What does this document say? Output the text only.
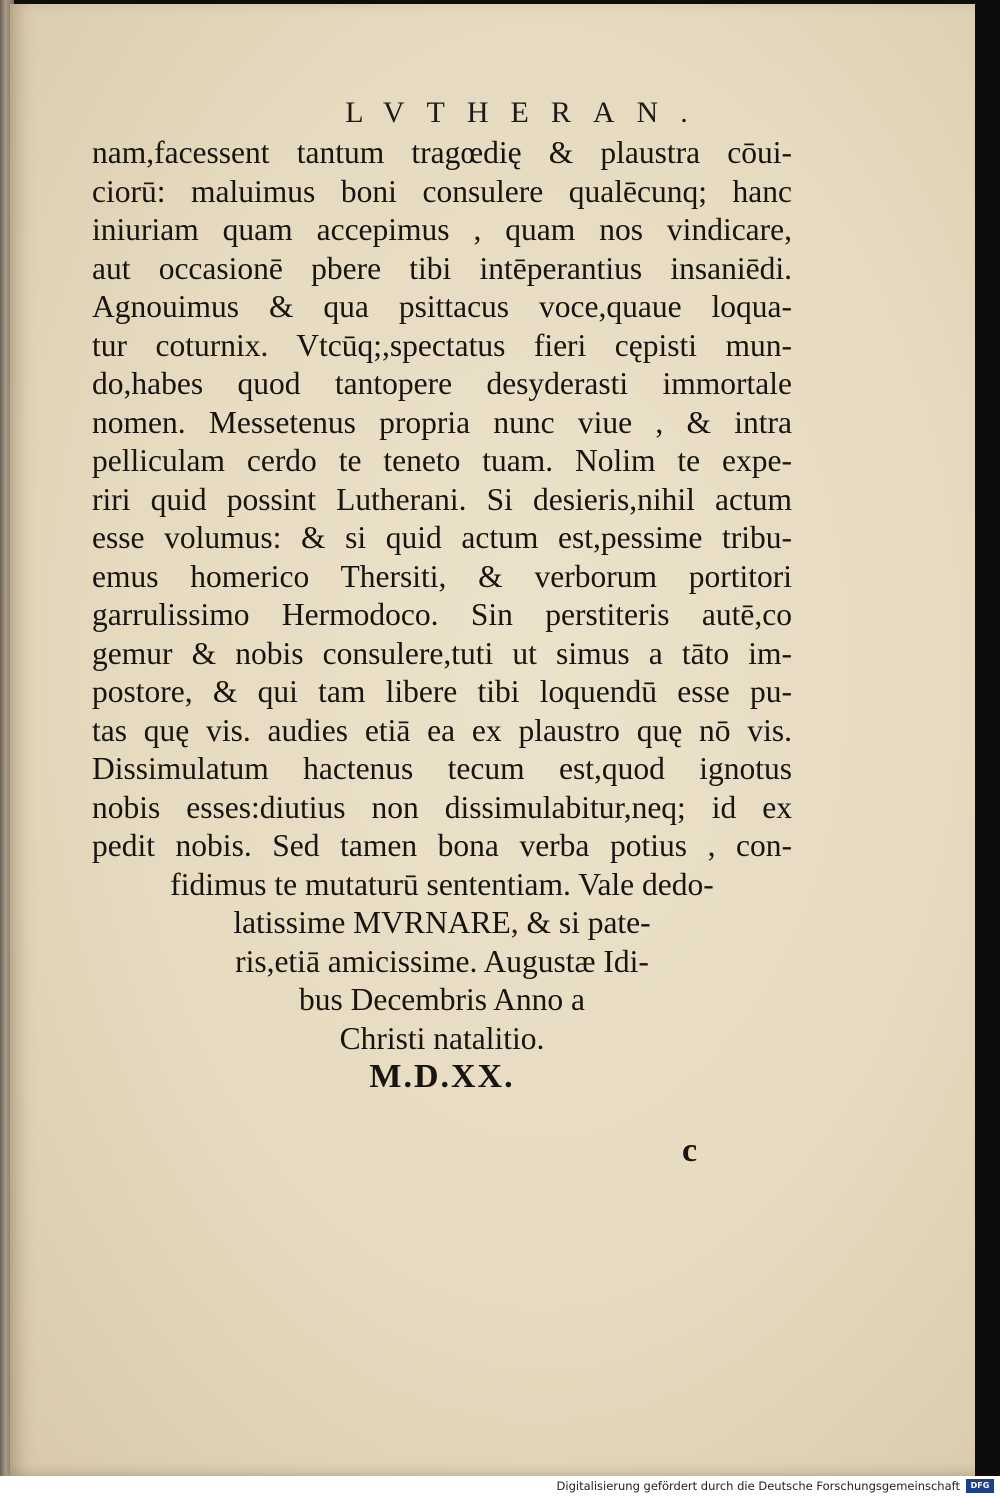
LVTHERAN.
nam,facessent tantum tragœdię & plaustra cōui-
ciorū: maluimus boni consulere qualēcunq; hanc
iniuriam quam accepimus , quam nos vindicare,
aut occasionē pbere tibi intēperantius insaniēdi.
Agnouimus & qua psittacus voce,quaue loqua-
tur coturnix. Vtcūq;,spectatus fieri cępisti mun-
do,habes quod tantopere desyderasti immortale
nomen. Messetenus propria nunc viue , & intra
pelliculam cerdo te teneto tuam. Nolim te expe-
riri quid possint Lutherani. Si desieris,nihil actum
esse volumus: & si quid actum est,pessime tribu-
emus homerico Thersiti, & verborum portitori
garrulissimo Hermodoco. Sin perstiteris autē,co
gemur & nobis consulere,tuti ut simus a tāto im-
postore, & qui tam libere tibi loquendū esse pu-
tas quę vis. audies etiā ea ex plaustro quę nō vis.
Dissimulatum hactenus tecum est,quod ignotus
nobis esses:diutius non dissimulabitur,neq; id ex
pedit nobis. Sed tamen bona verba potius , con-
fidimus te mutaturū sententiam. Vale dedo-
latissime MVRNARE, & si pate-
ris,etiā amicissime. Augustæ Idi-
bus Decembris Anno a
Christi natalitio.
M.D.XX.
c
Digitalisierung gefördert durch die Deutsche Forschungsgemeinschaft	DFG
